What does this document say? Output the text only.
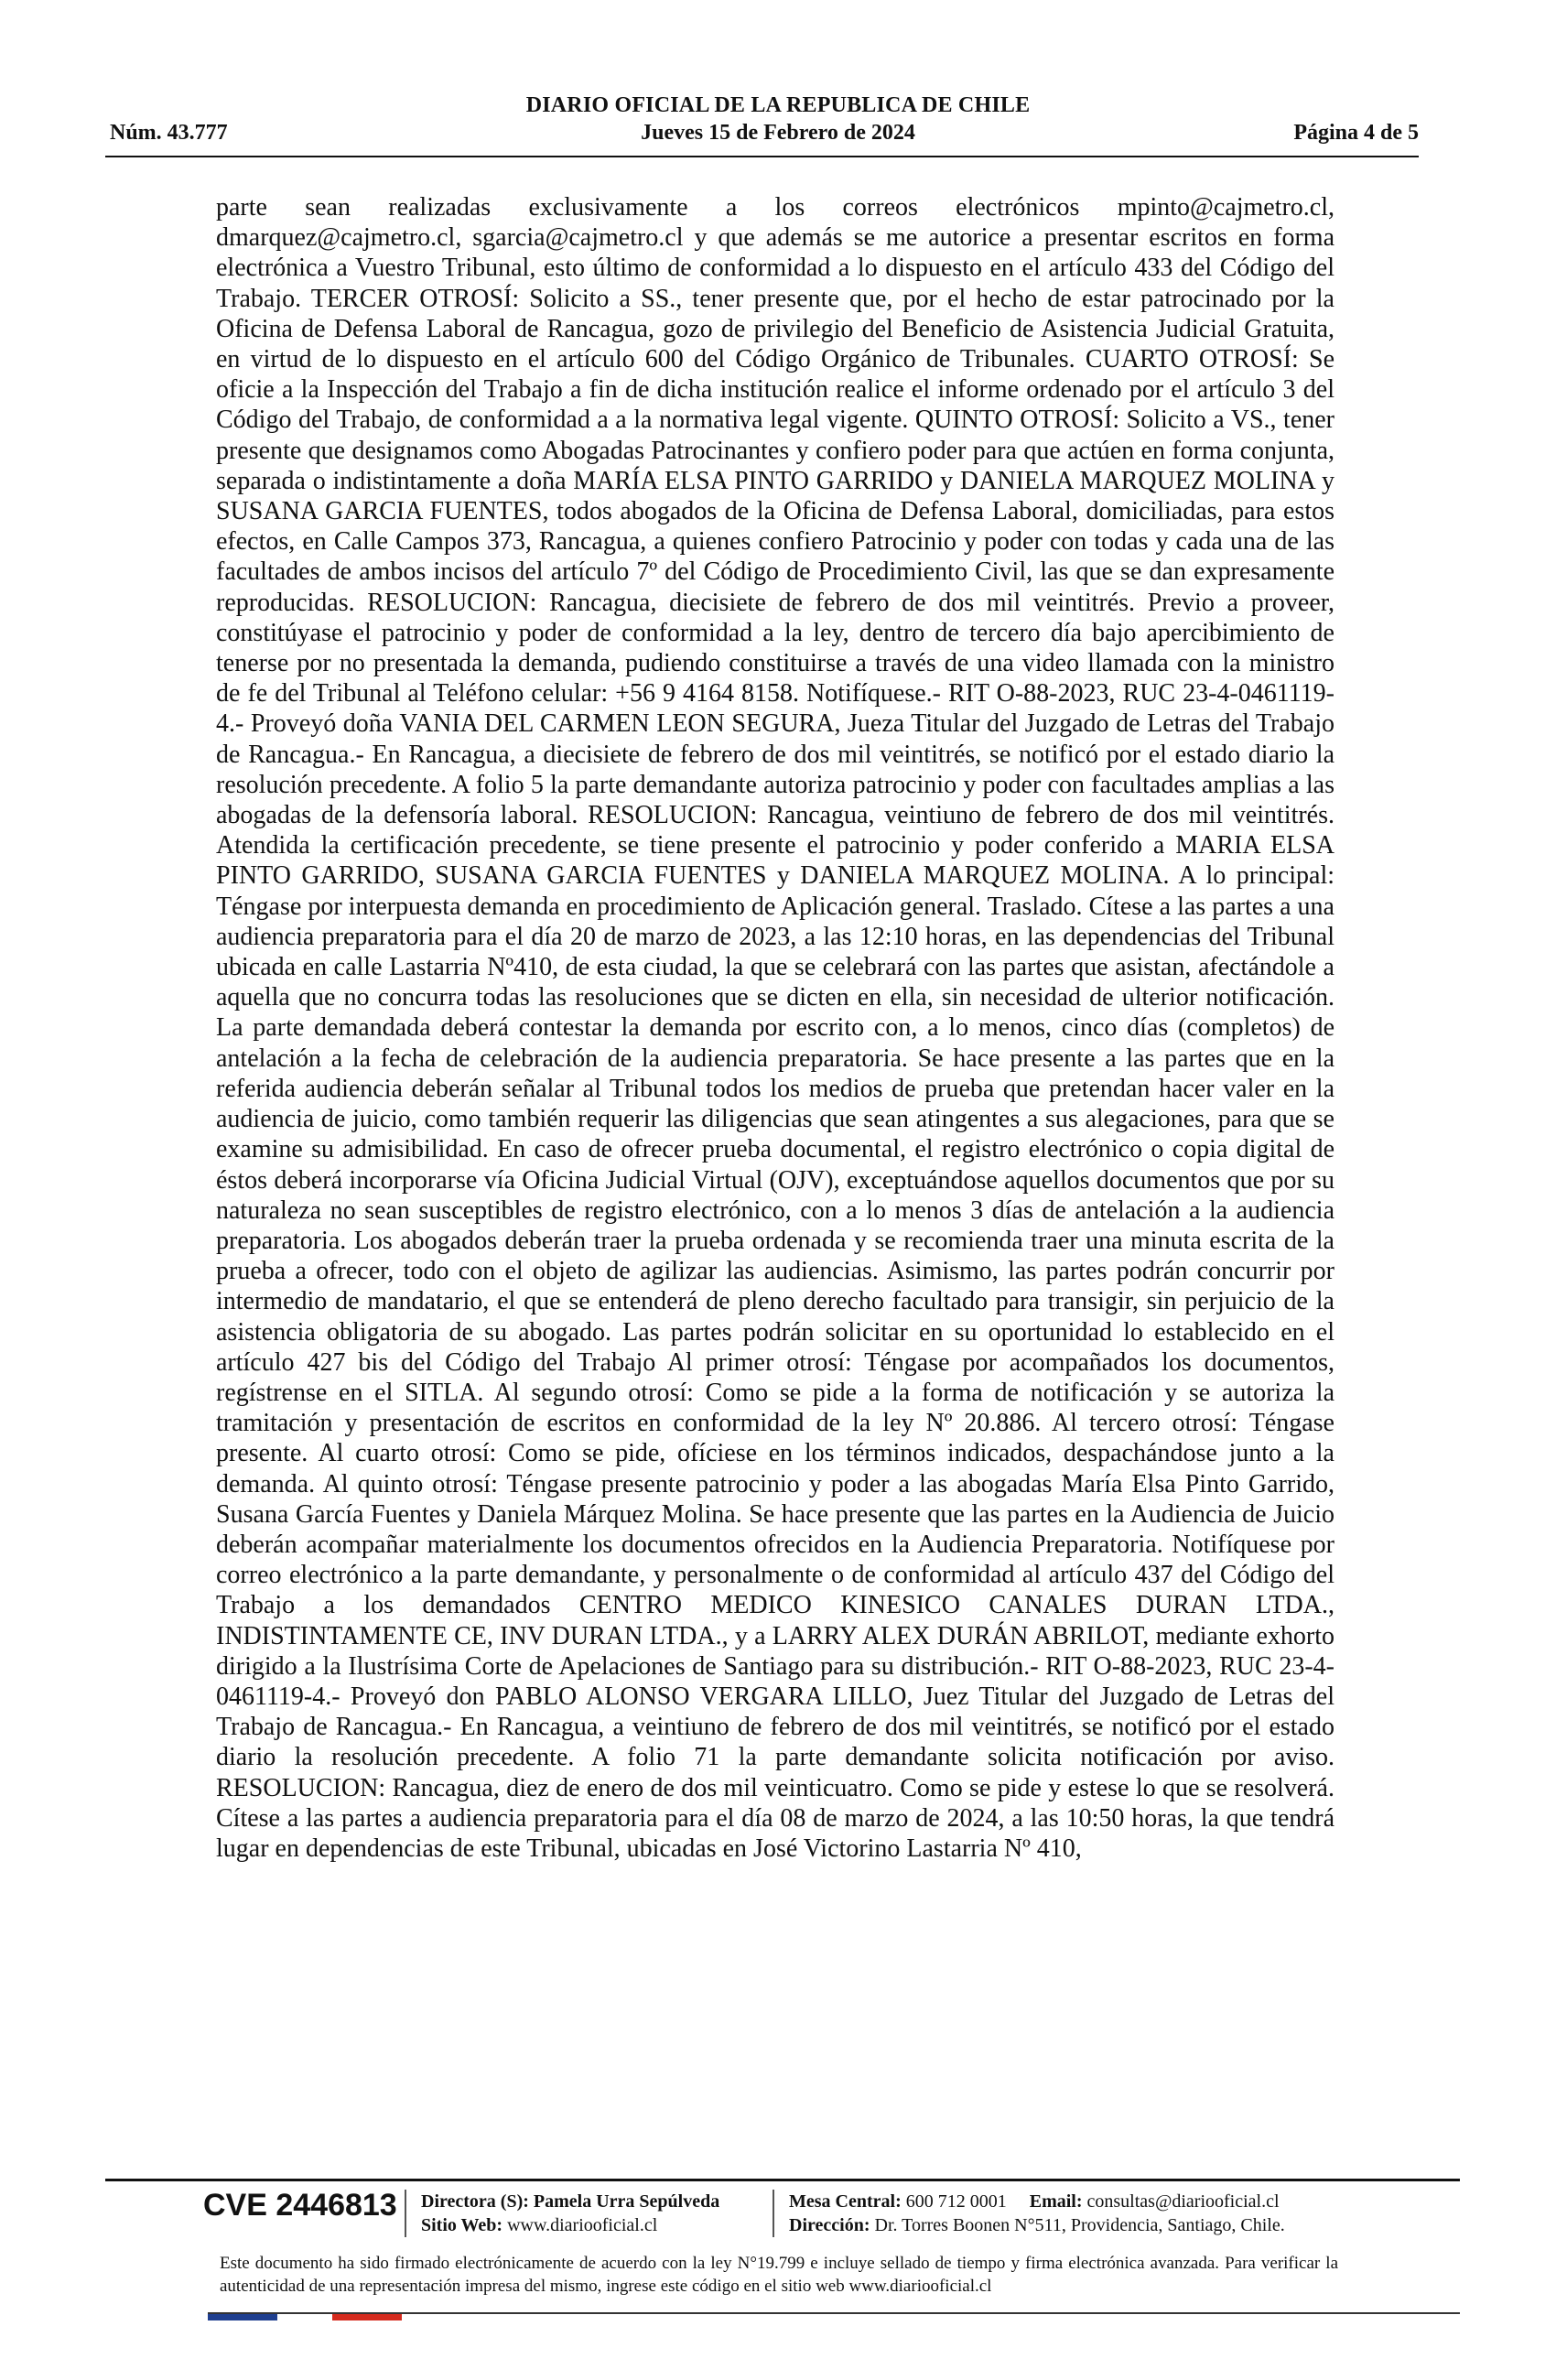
DIARIO OFICIAL DE LA REPUBLICA DE CHILE
Núm. 43.777	Jueves 15 de Febrero de 2024	Página 4 de 5

parte sean realizadas exclusivamente a los correos electrónicos mpinto@cajmetro.cl, dmarquez@cajmetro.cl, sgarcia@cajmetro.cl y que además se me autorice a presentar escritos en forma electrónica a Vuestro Tribunal, esto último de conformidad a lo dispuesto en el artículo 433 del Código del Trabajo. TERCER OTROSÍ: Solicito a SS., tener presente que, por el hecho de estar patrocinado por la Oficina de Defensa Laboral de Rancagua, gozo de privilegio del Beneficio de Asistencia Judicial Gratuita, en virtud de lo dispuesto en el artículo 600 del Código Orgánico de Tribunales. CUARTO OTROSÍ: Se oficie a la Inspección del Trabajo a fin de dicha institución realice el informe ordenado por el artículo 3 del Código del Trabajo, de conformidad a a la normativa legal vigente. QUINTO OTROSÍ: Solicito a VS., tener presente que designamos como Abogadas Patrocinantes y confiero poder para que actúen en forma conjunta, separada o indistintamente a doña MARÍA ELSA PINTO GARRIDO y DANIELA MARQUEZ MOLINA y SUSANA GARCIA FUENTES, todos abogados de la Oficina de Defensa Laboral, domiciliadas, para estos efectos, en Calle Campos 373, Rancagua, a quienes confiero Patrocinio y poder con todas y cada una de las facultades de ambos incisos del artículo 7º del Código de Procedimiento Civil, las que se dan expresamente reproducidas. RESOLUCION: Rancagua, diecisiete de febrero de dos mil veintitrés. Previo a proveer, constitúyase el patrocinio y poder de conformidad a la ley, dentro de tercero día bajo apercibimiento de tenerse por no presentada la demanda, pudiendo constituirse a través de una video llamada con la ministro de fe del Tribunal al Teléfono celular: +56 9 4164 8158. Notifíquese.- RIT O-88-2023, RUC 23-4-0461119-4.- Proveyó doña VANIA DEL CARMEN LEON SEGURA, Jueza Titular del Juzgado de Letras del Trabajo de Rancagua.- En Rancagua, a diecisiete de febrero de dos mil veintitrés, se notificó por el estado diario la resolución precedente. A folio 5 la parte demandante autoriza patrocinio y poder con facultades amplias a las abogadas de la defensoría laboral. RESOLUCION: Rancagua, veintiuno de febrero de dos mil veintitrés. Atendida la certificación precedente, se tiene presente el patrocinio y poder conferido a MARIA ELSA PINTO GARRIDO, SUSANA GARCIA FUENTES y DANIELA MARQUEZ MOLINA. A lo principal: Téngase por interpuesta demanda en procedimiento de Aplicación general. Traslado. Cítese a las partes a una audiencia preparatoria para el día 20 de marzo de 2023, a las 12:10 horas, en las dependencias del Tribunal ubicada en calle Lastarria Nº410, de esta ciudad, la que se celebrará con las partes que asistan, afectándole a aquella que no concurra todas las resoluciones que se dicten en ella, sin necesidad de ulterior notificación. La parte demandada deberá contestar la demanda por escrito con, a lo menos, cinco días (completos) de antelación a la fecha de celebración de la audiencia preparatoria. Se hace presente a las partes que en la referida audiencia deberán señalar al Tribunal todos los medios de prueba que pretendan hacer valer en la audiencia de juicio, como también requerir las diligencias que sean atingentes a sus alegaciones, para que se examine su admisibilidad. En caso de ofrecer prueba documental, el registro electrónico o copia digital de éstos deberá incorporarse vía Oficina Judicial Virtual (OJV), exceptuándose aquellos documentos que por su naturaleza no sean susceptibles de registro electrónico, con a lo menos 3 días de antelación a la audiencia preparatoria. Los abogados deberán traer la prueba ordenada y se recomienda traer una minuta escrita de la prueba a ofrecer, todo con el objeto de agilizar las audiencias. Asimismo, las partes podrán concurrir por intermedio de mandatario, el que se entenderá de pleno derecho facultado para transigir, sin perjuicio de la asistencia obligatoria de su abogado. Las partes podrán solicitar en su oportunidad lo establecido en el artículo 427 bis del Código del Trabajo Al primer otrosí: Téngase por acompañados los documentos, regístrense en el SITLA. Al segundo otrosí: Como se pide a la forma de notificación y se autoriza la tramitación y presentación de escritos en conformidad de la ley Nº 20.886. Al tercero otrosí: Téngase presente. Al cuarto otrosí: Como se pide, ofíciese en los términos indicados, despachándose junto a la demanda. Al quinto otrosí: Téngase presente patrocinio y poder a las abogadas María Elsa Pinto Garrido, Susana García Fuentes y Daniela Márquez Molina. Se hace presente que las partes en la Audiencia de Juicio deberán acompañar materialmente los documentos ofrecidos en la Audiencia Preparatoria. Notifíquese por correo electrónico a la parte demandante, y personalmente o de conformidad al artículo 437 del Código del Trabajo a los demandados CENTRO MEDICO KINESICO CANALES DURAN LTDA., INDISTINTAMENTE CE, INV DURAN LTDA., y a LARRY ALEX DURÁN ABRILOT, mediante exhorto dirigido a la Ilustrísima Corte de Apelaciones de Santiago para su distribución.- RIT O-88-2023, RUC 23-4-0461119-4.- Proveyó don PABLO ALONSO VERGARA LILLO, Juez Titular del Juzgado de Letras del Trabajo de Rancagua.- En Rancagua, a veintiuno de febrero de dos mil veintitrés, se notificó por el estado diario la resolución precedente. A folio 71 la parte demandante solicita notificación por aviso. RESOLUCION: Rancagua, diez de enero de dos mil veinticuatro. Como se pide y estese lo que se resolverá. Cítese a las partes a audiencia preparatoria para el día 08 de marzo de 2024, a las 10:50 horas, la que tendrá lugar en dependencias de este Tribunal, ubicadas en José Victorino Lastarria Nº 410,

CVE 2446813 Directora (S): Pamela Urra Sepúlveda
Sitio Web: www.diariooficial.cl
Mesa Central: 600 712 0001 Email: consultas@diariooficial.cl
Dirección: Dr. Torres Boonen N°511, Providencia, Santiago, Chile.
Este documento ha sido firmado electrónicamente de acuerdo con la ley N°19.799 e incluye sellado de tiempo y firma electrónica avanzada. Para verificar la autenticidad de una representación impresa del mismo, ingrese este código en el sitio web www.diariooficial.cl
